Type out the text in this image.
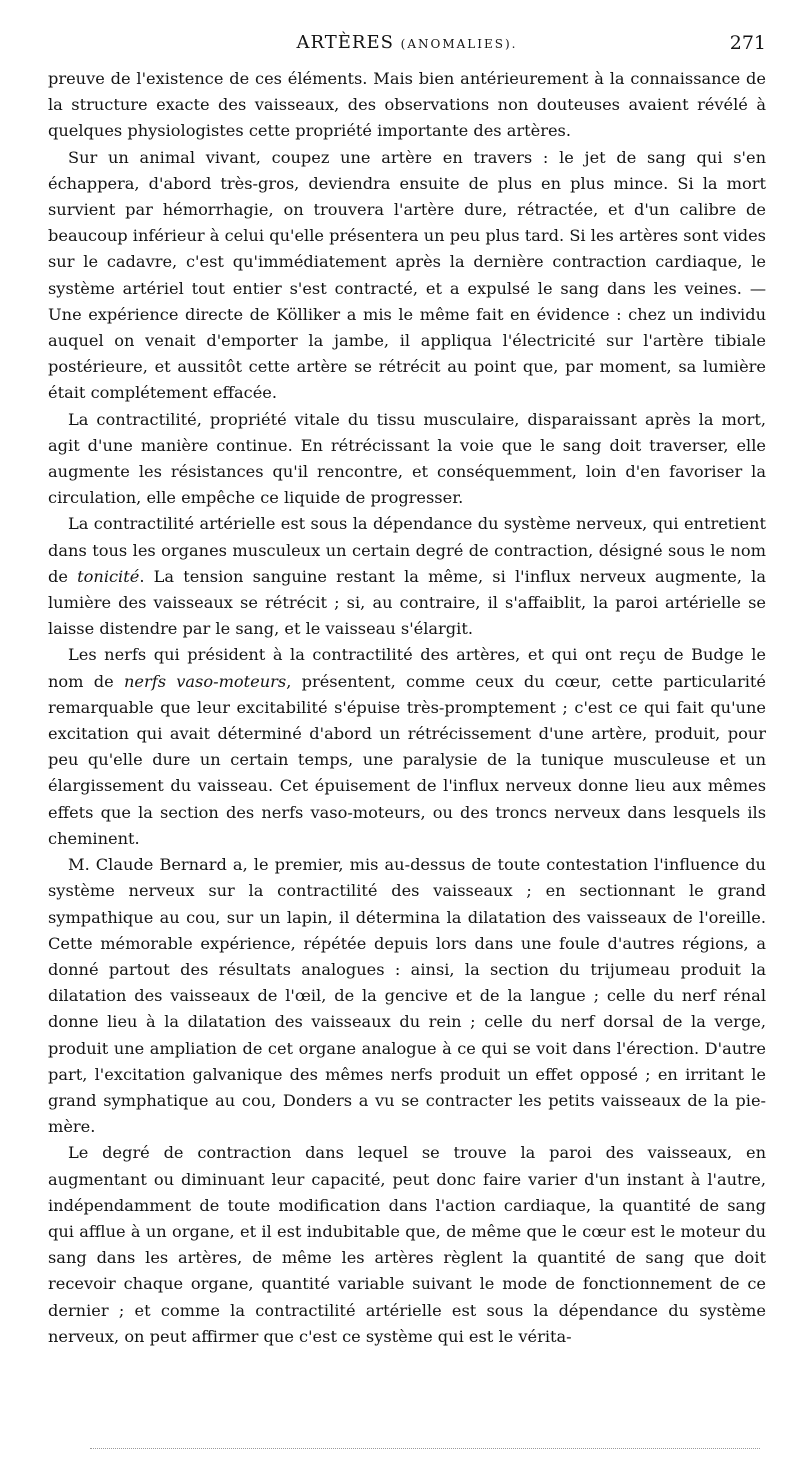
ARTÈRES (ANOMALIES).	271

preuve de l'existence de ces éléments. Mais bien antérieurement à la connaissance de la structure exacte des vaisseaux, des observations non douteuses avaient révélé à quelques physiologistes cette propriété importante des artères.

Sur un animal vivant, coupez une artère en travers : le jet de sang qui s'en échappera, d'abord très-gros, deviendra ensuite de plus en plus mince. Si la mort survient par hémorrhagie, on trouvera l'artère dure, rétractée, et d'un calibre de beaucoup inférieur à celui qu'elle présentera un peu plus tard. Si les artères sont vides sur le cadavre, c'est qu'immédiatement après la dernière contraction cardiaque, le système artériel tout entier s'est contracté, et a expulsé le sang dans les veines. — Une expérience directe de Kölliker a mis le même fait en évidence : chez un individu auquel on venait d'emporter la jambe, il appliqua l'électricité sur l'artère tibiale postérieure, et aussitôt cette artère se rétrécit au point que, par moment, sa lumière était complétement effacée.

La contractilité, propriété vitale du tissu musculaire, disparaissant après la mort, agit d'une manière continue. En rétrécissant la voie que le sang doit traverser, elle augmente les résistances qu'il rencontre, et conséquemment, loin d'en favoriser la circulation, elle empêche ce liquide de progresser.

La contractilité artérielle est sous la dépendance du système nerveux, qui entretient dans tous les organes musculeux un certain degré de contraction, désigné sous le nom de tonicité. La tension sanguine restant la même, si l'influx nerveux augmente, la lumière des vaisseaux se rétrécit ; si, au contraire, il s'affaiblit, la paroi artérielle se laisse distendre par le sang, et le vaisseau s'élargit.

Les nerfs qui président à la contractilité des artères, et qui ont reçu de Budge le nom de nerfs vaso-moteurs, présentent, comme ceux du cœur, cette particularité remarquable que leur excitabilité s'épuise très-promptement ; c'est ce qui fait qu'une excitation qui avait déterminé d'abord un rétrécissement d'une artère, produit, pour peu qu'elle dure un certain temps, une paralysie de la tunique musculeuse et un élargissement du vaisseau. Cet épuisement de l'influx nerveux donne lieu aux mêmes effets que la section des nerfs vaso-moteurs, ou des troncs nerveux dans lesquels ils cheminent.

M. Claude Bernard a, le premier, mis au-dessus de toute contestation l'influence du système nerveux sur la contractilité des vaisseaux ; en sectionnant le grand sympathique au cou, sur un lapin, il détermina la dilatation des vaisseaux de l'oreille. Cette mémorable expérience, répétée depuis lors dans une foule d'autres régions, a donné partout des résultats analogues : ainsi, la section du trijumeau produit la dilatation des vaisseaux de l'œil, de la gencive et de la langue ; celle du nerf rénal donne lieu à la dilatation des vaisseaux du rein ; celle du nerf dorsal de la verge, produit une ampliation de cet organe analogue à ce qui se voit dans l'érection. D'autre part, l'excitation galvanique des mêmes nerfs produit un effet opposé ; en irritant le grand symphatique au cou, Donders a vu se contracter les petits vaisseaux de la pie-mère.

Le degré de contraction dans lequel se trouve la paroi des vaisseaux, en augmentant ou diminuant leur capacité, peut donc faire varier d'un instant à l'autre, indépendamment de toute modification dans l'action cardiaque, la quantité de sang qui afflue à un organe, et il est indubitable que, de même que le cœur est le moteur du sang dans les artères, de même les artères règlent la quantité de sang que doit recevoir chaque organe, quantité variable suivant le mode de fonctionnement de ce dernier ; et comme la contractilité artérielle est sous la dépendance du système nerveux, on peut affirmer que c'est ce système qui est le vérita-
